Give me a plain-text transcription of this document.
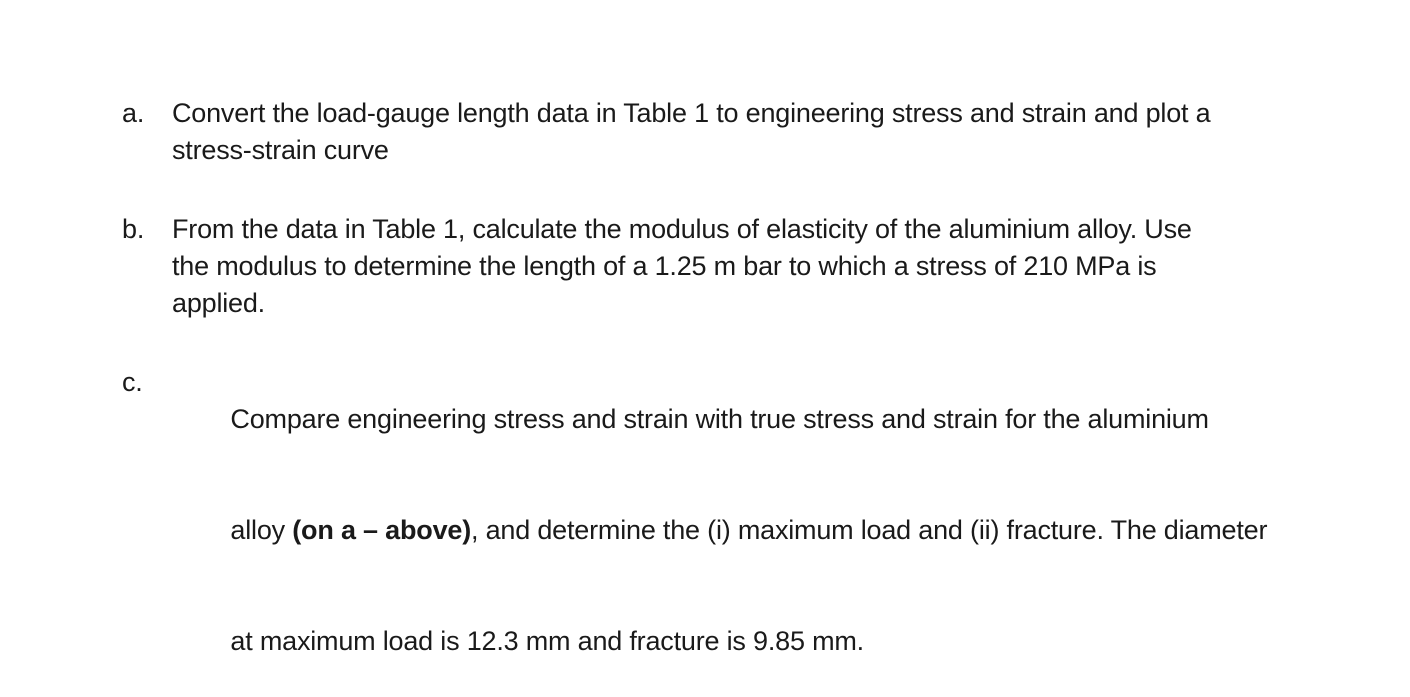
a.	Convert the load-gauge length data in Table 1 to engineering stress and strain and plot a
stress-strain curve
b.	From the data in Table 1, calculate the modulus of elasticity of the aluminium alloy. Use
the modulus to determine the length of a 1.25 m bar to which a stress of 210 MPa is
applied.
c.

Compare engineering stress and strain with true stress and strain for the aluminium

alloy (on a – above), and determine the (i) maximum load and (ii) fracture. The diameter

at maximum load is 12.3 mm and fracture is 9.85 mm.
